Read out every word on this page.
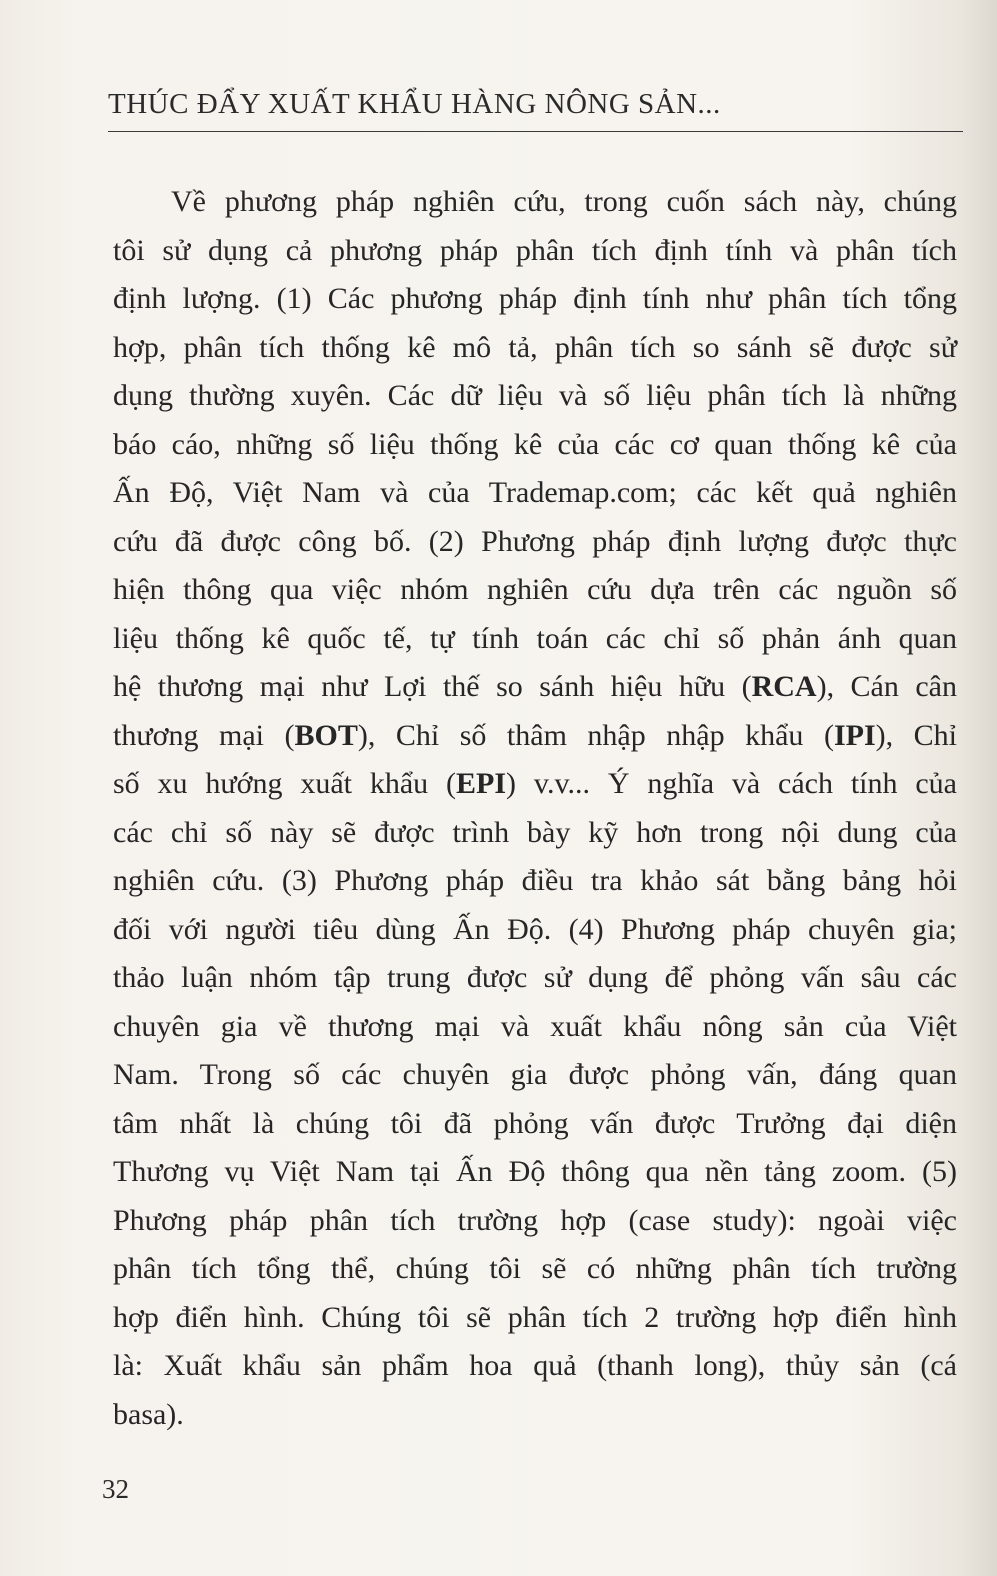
THÚC ĐẨY XUẤT KHẨU HÀNG NÔNG SẢN...
Về phương pháp nghiên cứu, trong cuốn sách này, chúng
tôi sử dụng cả phương pháp phân tích định tính và phân tích
định lượng. (1) Các phương pháp định tính như phân tích tổng
hợp, phân tích thống kê mô tả, phân tích so sánh sẽ được sử
dụng thường xuyên. Các dữ liệu và số liệu phân tích là những
báo cáo, những số liệu thống kê của các cơ quan thống kê của
Ấn Độ, Việt Nam và của Trademap.com; các kết quả nghiên
cứu đã được công bố. (2) Phương pháp định lượng được thực
hiện thông qua việc nhóm nghiên cứu dựa trên các nguồn số
liệu thống kê quốc tế, tự tính toán các chỉ số phản ánh quan
hệ thương mại như Lợi thế so sánh hiệu hữu (RCA), Cán cân
thương mại (BOT), Chỉ số thâm nhập nhập khẩu (IPI), Chỉ
số xu hướng xuất khẩu (EPI) v.v... Ý nghĩa và cách tính của
các chỉ số này sẽ được trình bày kỹ hơn trong nội dung của
nghiên cứu. (3) Phương pháp điều tra khảo sát bằng bảng hỏi
đối với người tiêu dùng Ấn Độ. (4) Phương pháp chuyên gia;
thảo luận nhóm tập trung được sử dụng để phỏng vấn sâu các
chuyên gia về thương mại và xuất khẩu nông sản của Việt
Nam. Trong số các chuyên gia được phỏng vấn, đáng quan
tâm nhất là chúng tôi đã phỏng vấn được Trưởng đại diện
Thương vụ Việt Nam tại Ấn Độ thông qua nền tảng zoom. (5)
Phương pháp phân tích trường hợp (case study): ngoài việc
phân tích tổng thể, chúng tôi sẽ có những phân tích trường
hợp điển hình. Chúng tôi sẽ phân tích 2 trường hợp điển hình
là: Xuất khẩu sản phẩm hoa quả (thanh long), thủy sản (cá
basa).
32
